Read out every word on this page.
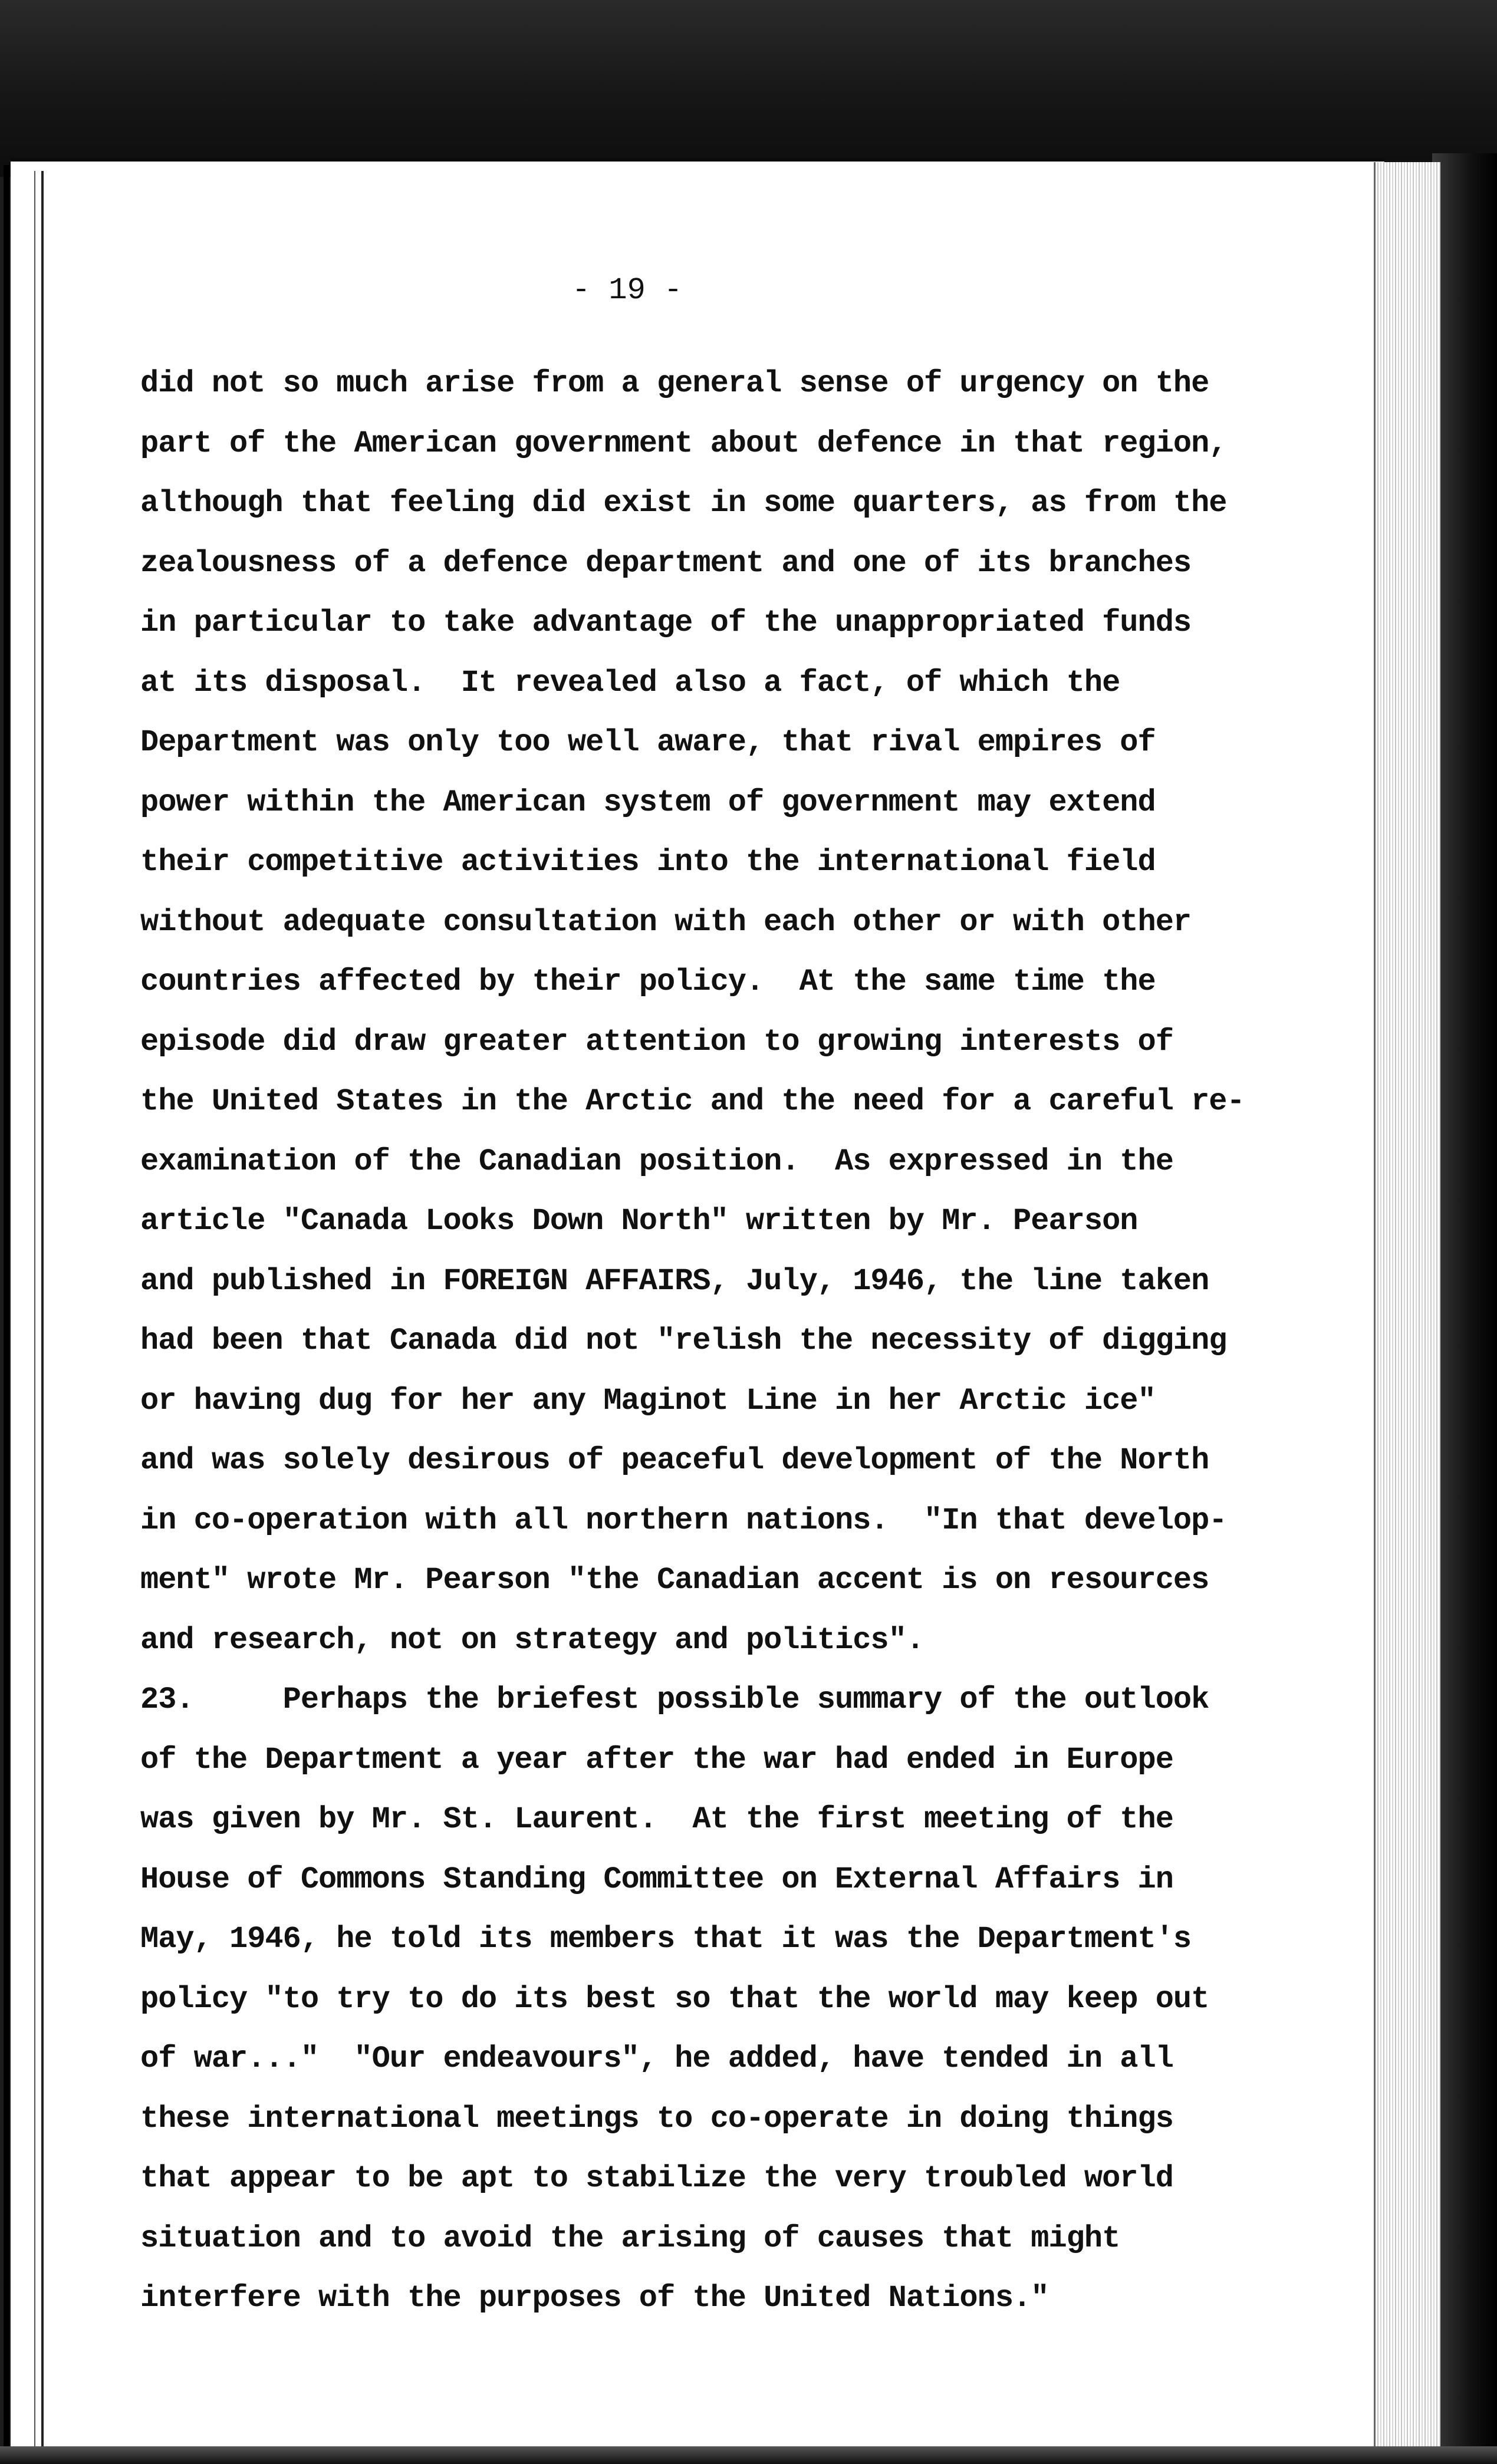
- 19 -
did not so much arise from a general sense of urgency on the
part of the American government about defence in that region,
although that feeling did exist in some quarters, as from the
zealousness of a defence department and one of its branches
in particular to take advantage of the unappropriated funds
at its disposal.  It revealed also a fact, of which the
Department was only too well aware, that rival empires of
power within the American system of government may extend
their competitive activities into the international field
without adequate consultation with each other or with other
countries affected by their policy.  At the same time the
episode did draw greater attention to growing interests of
the United States in the Arctic and the need for a careful re-
examination of the Canadian position.  As expressed in the
article "Canada Looks Down North" written by Mr. Pearson
and published in FOREIGN AFFAIRS, July, 1946, the line taken
had been that Canada did not "relish the necessity of digging
or having dug for her any Maginot Line in her Arctic ice"
and was solely desirous of peaceful development of the North
in co-operation with all northern nations.  "In that develop-
ment" wrote Mr. Pearson "the Canadian accent is on resources
and research, not on strategy and politics".
23.     Perhaps the briefest possible summary of the outlook
of the Department a year after the war had ended in Europe
was given by Mr. St. Laurent.  At the first meeting of the
House of Commons Standing Committee on External Affairs in
May, 1946, he told its members that it was the Department's
policy "to try to do its best so that the world may keep out
of war..."  "Our endeavours", he added, have tended in all
these international meetings to co-operate in doing things
that appear to be apt to stabilize the very troubled world
situation and to avoid the arising of causes that might
interfere with the purposes of the United Nations."
